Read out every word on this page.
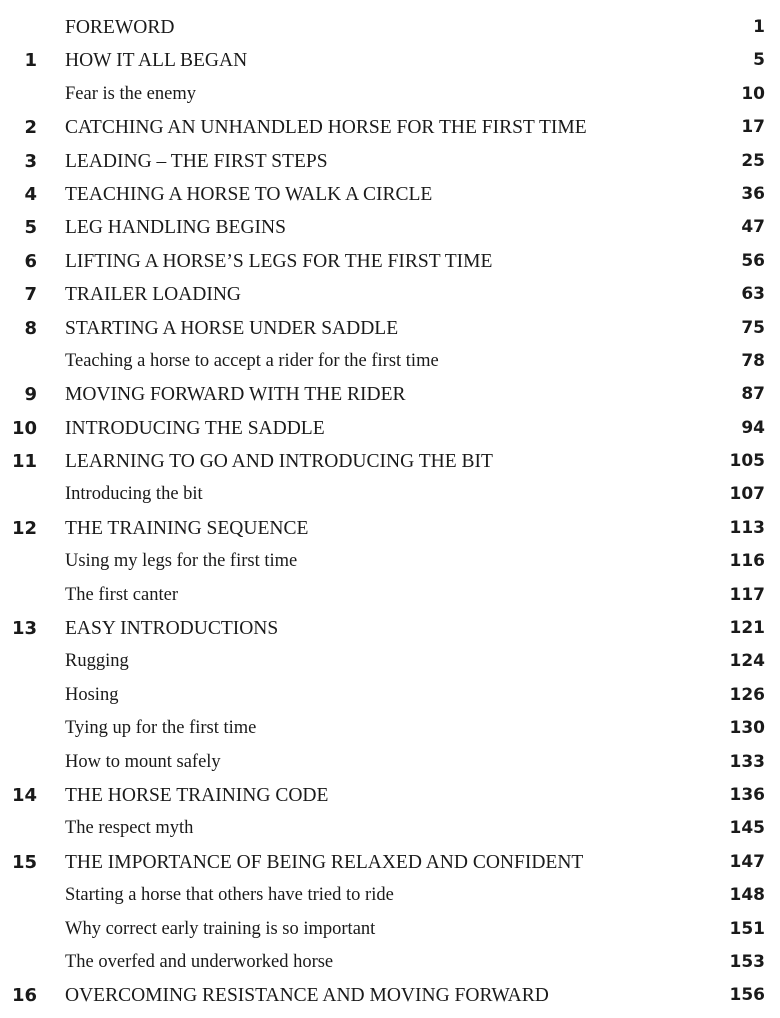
FOREWORD	1
1 HOW IT ALL BEGAN	5
Fear is the enemy	10
2 CATCHING AN UNHANDLED HORSE FOR THE FIRST TIME	17
3 LEADING – THE FIRST STEPS	25
4 TEACHING A HORSE TO WALK A CIRCLE	36
5 LEG HANDLING BEGINS	47
6 LIFTING A HORSE’S LEGS FOR THE FIRST TIME	56
7 TRAILER LOADING	63
8 STARTING A HORSE UNDER SADDLE	75
Teaching a horse to accept a rider for the first time	78
9 MOVING FORWARD WITH THE RIDER	87
10 INTRODUCING THE SADDLE	94
11 LEARNING TO GO AND INTRODUCING THE BIT	105
Introducing the bit	107
12 THE TRAINING SEQUENCE	113
Using my legs for the first time	116
The first canter	117
13 EASY INTRODUCTIONS	121
Rugging	124
Hosing	126
Tying up for the first time	130
How to mount safely	133
14 THE HORSE TRAINING CODE	136
The respect myth	145
15 THE IMPORTANCE OF BEING RELAXED AND CONFIDENT	147
Starting a horse that others have tried to ride	148
Why correct early training is so important	151
The overfed and underworked horse	153
16 OVERCOMING RESISTANCE AND MOVING FORWARD	156
